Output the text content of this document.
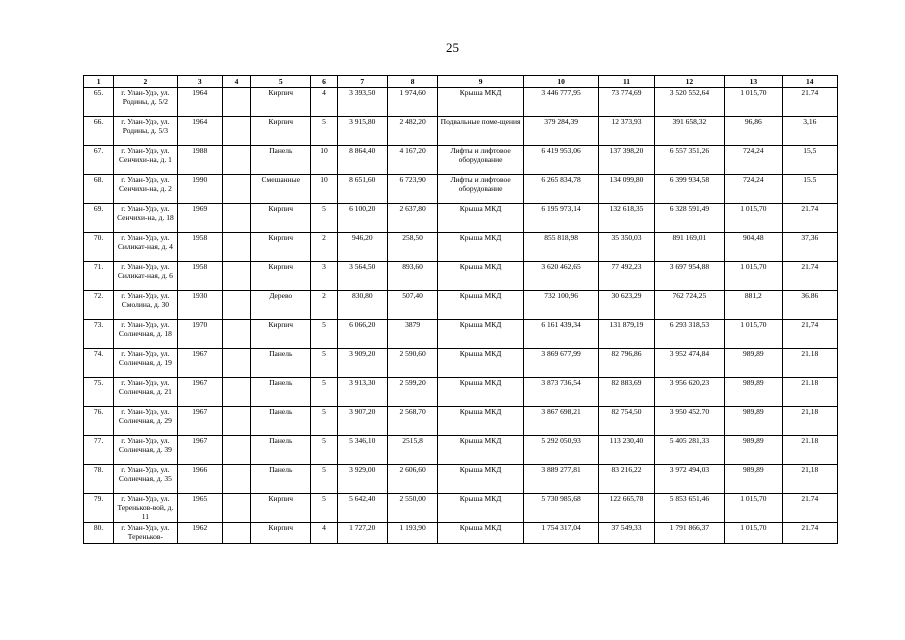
25
1	2	3	4	5	6	7	8	9	10	11	12	13	14
65.	г. Улан-Удэ, ул. Родины, д. 5/2	1964		Кирпич	4	3 393,50	1 974,60	Крыша МКД	3 446 777,95	73 774,69	3 520 552,64	1 015,70	21.74
66.	г. Улан-Удэ, ул. Родины, д. 5/3	1964		Кирпич	5	3 915,80	2 482,20	Подвальные поме-щения	379 284,39	12 373,93	391 658,32	96,86	3,16
67.	г. Улан-Удэ, ул. Сенчихи-на, д. 1	1988		Панель	10	8 864,40	4 167,20	Лифты и лифтовое оборудование	6 419 953,06	137 398,20	6 557 351,26	724,24	15,5
68.	г. Улан-Удэ, ул. Сенчихи-на, д. 2	1990		Смешанные	10	8 651,60	6 723,90	Лифты и лифтовое оборудование	6 265 834,78	134 099,80	6 399 934,58	724,24	15.5
69.	г. Улан-Удэ, ул. Сенчихи-на, д. 18	1969		Кирпич	5	6 100,20	2 637,80	Крыша МКД	6 195 973,14	132 618,35	6 328 591,49	1 015,70	21.74
70.	г. Улан-Удэ, ул. Силикат-ная, д. 4	1958		Кирпич	2	946,20	258,50	Крыша МКД	855 818,98	35 350,03	891 169,01	904,48	37,36
71.	г. Улан-Удэ, ул. Силикат-ная, д. 6	1958		Кирпич	3	3 564,50	893,60	Крыша МКД	3 620 462,65	77 492,23	3 697 954,88	1 015,70	21.74
72.	г. Улан-Удэ, ул. Смолина, д. 30	1930		Дерево	2	830,80	507,40	Крыша МКД	732 100,96	30 623,29	762 724,25	881,2	36.86
73.	г. Улан-Удэ, ул. Солнечная, д. 18	1970		Кирпич	5	6 066,20	3879	Крыша МКД	6 161 439,34	131 879,19	6 293 318,53	1 015,70	21,74
74.	г. Улан-Удэ, ул. Солнечная, д. 19	1967		Панель	5	3 909,20	2 590,60	Крыша МКД	3 869 677,99	82 796,86	3 952 474,84	989,89	21.18
75.	г. Улан-Удэ, ул. Солнечная, д. 21	1967		Панель	5	3 913,30	2 599,20	Крыша МКД	3 873 736,54	82 883,69	3 956 620,23	989,89	21.18
76.	г. Улан-Удэ, ул. Солнечная, д. 29	1967		Панель	5	3 907,20	2 568,70	Крыша МКД	3 867 698,21	82 754,50	3 950 452.70	989,89	21,18
77.	г. Улан-Удэ, ул. Солнечная, д. 39	1967		Панель	5	5 346,10	2515,8	Крыша МКД	5 292 050,93	113 230,40	5 405 281,33	989,89	21.18
78.	г. Улан-Удэ, ул. Солнечная, д. 35	1966		Панель	5	3 929,00	2 606,60	Крыша МКД	3 889 277,81	83 216,22	3 972 494,03	989,89	21,18
79.	г. Улан-Удэ, ул. Тереньков-вой, д. 11	1965		Кирпич	5	5 642,40	2 550,00	Крыша МКД	5 730 985,68	122 665,78	5 853 651,46	1 015,70	21.74
80.	г. Улан-Удэ, ул. Тереньков-	1962		Кирпич	4	1 727,20	1 193,90	Крыша МКД	1 754 317,04	37 549,33	1 791 866,37	1 015,70	21.74
